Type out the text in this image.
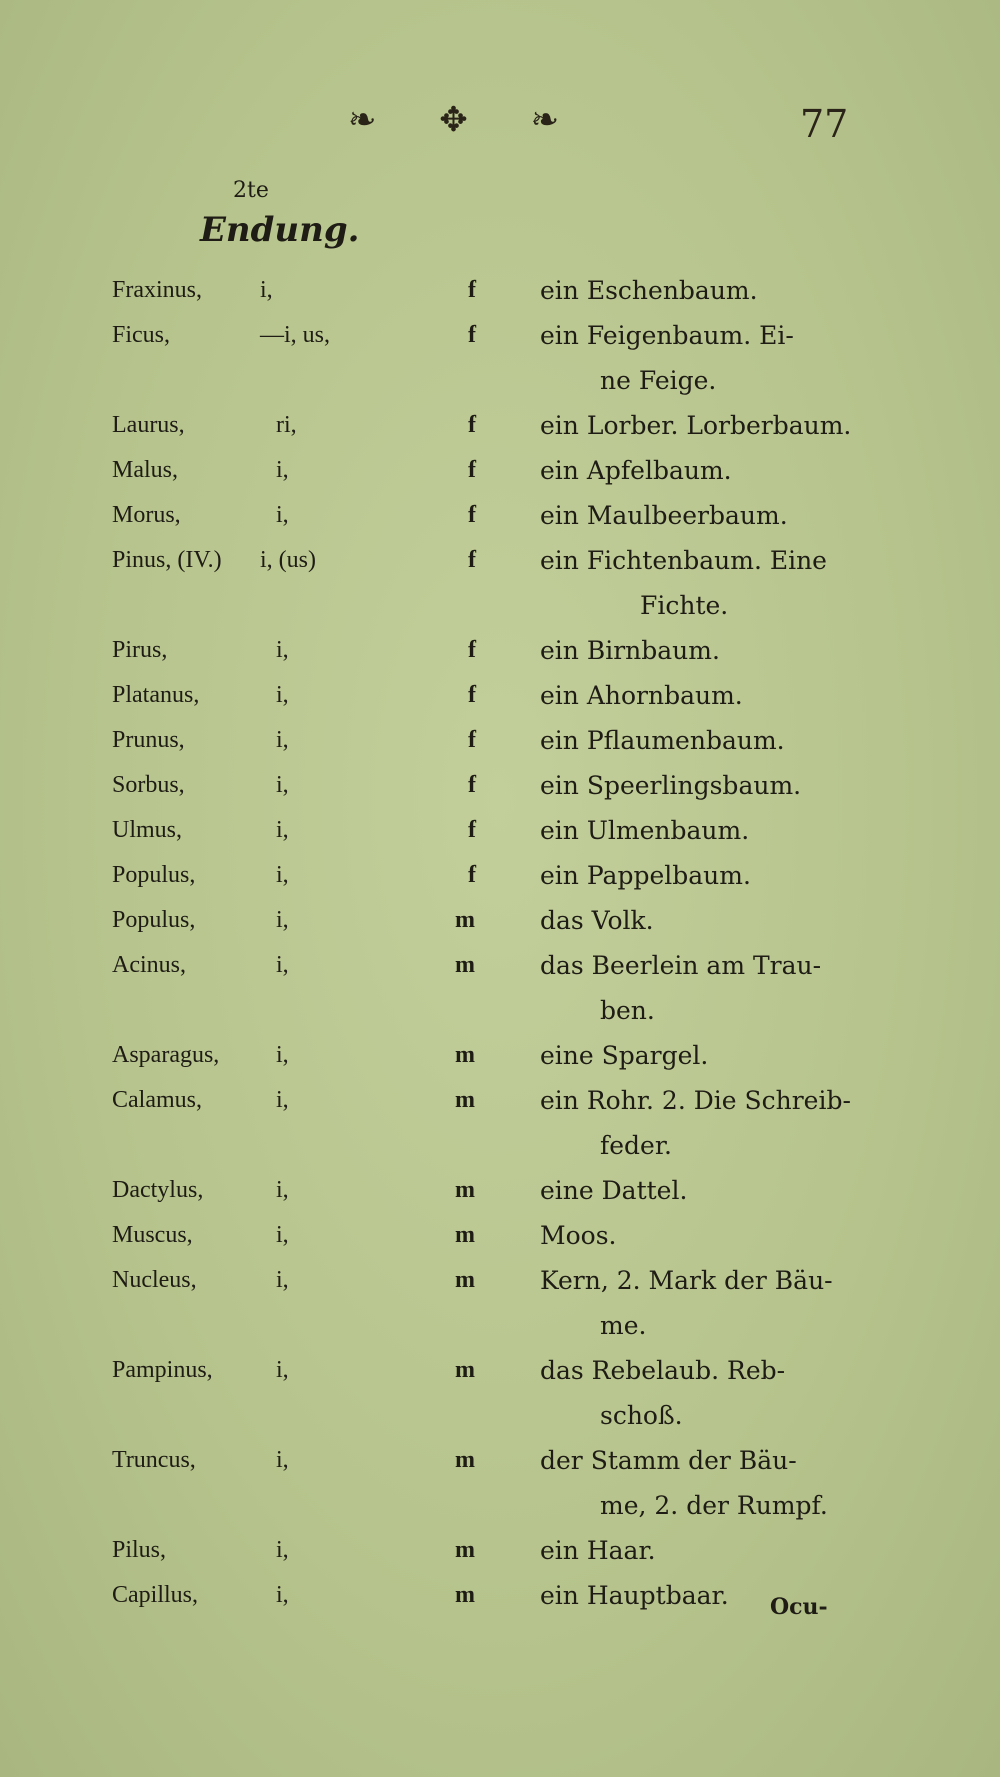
❧ ✥ ❧	77
2te
Endung.
Fraxinus, i,	f	ein Eschenbaum.
Ficus,	—i, us,	f	ein Feigenbaum. Ei-
ne Feige.
Laurus,	ri,	f	ein Lorber. Lorberbaum.
Malus,	i,	f	ein Apfelbaum.
Morus,	i,	f	ein Maulbeerbaum.
Pinus, (IV.) i, (us)	f	ein Fichtenbaum. Eine
Fichte.
Pirus,	i,	f	ein Birnbaum.
Platanus,	i,	f	ein Ahornbaum.
Prunus,	i,	f	ein Pflaumenbaum.
Sorbus,	i,	f	ein Speerlingsbaum.
Ulmus,	i,	f	ein Ulmenbaum.
Populus,	i,	f	ein Pappelbaum.
Populus,	i,	m	das Volk.
Acinus,	i,	m	das Beerlein am Trau-
ben.
Asparagus, i,	m	eine Spargel.
Calamus,	i,	m	ein Rohr. 2. Die Schreib-
feder.
Dactylus,	i,	m	eine Dattel.
Muscus,	i,	m	Moos.
Nucleus,	i,	m	Kern, 2. Mark der Bäu-
me.
Pampinus,	i,	m	das Rebelaub. Reb-
schoß.
Truncus,	i,	m	der Stamm der Bäu-
me, 2. der Rumpf.
Pilus,	i,	m	ein Haar.
Capillus,	i,	m	ein Hauptbaar. Ocu-
